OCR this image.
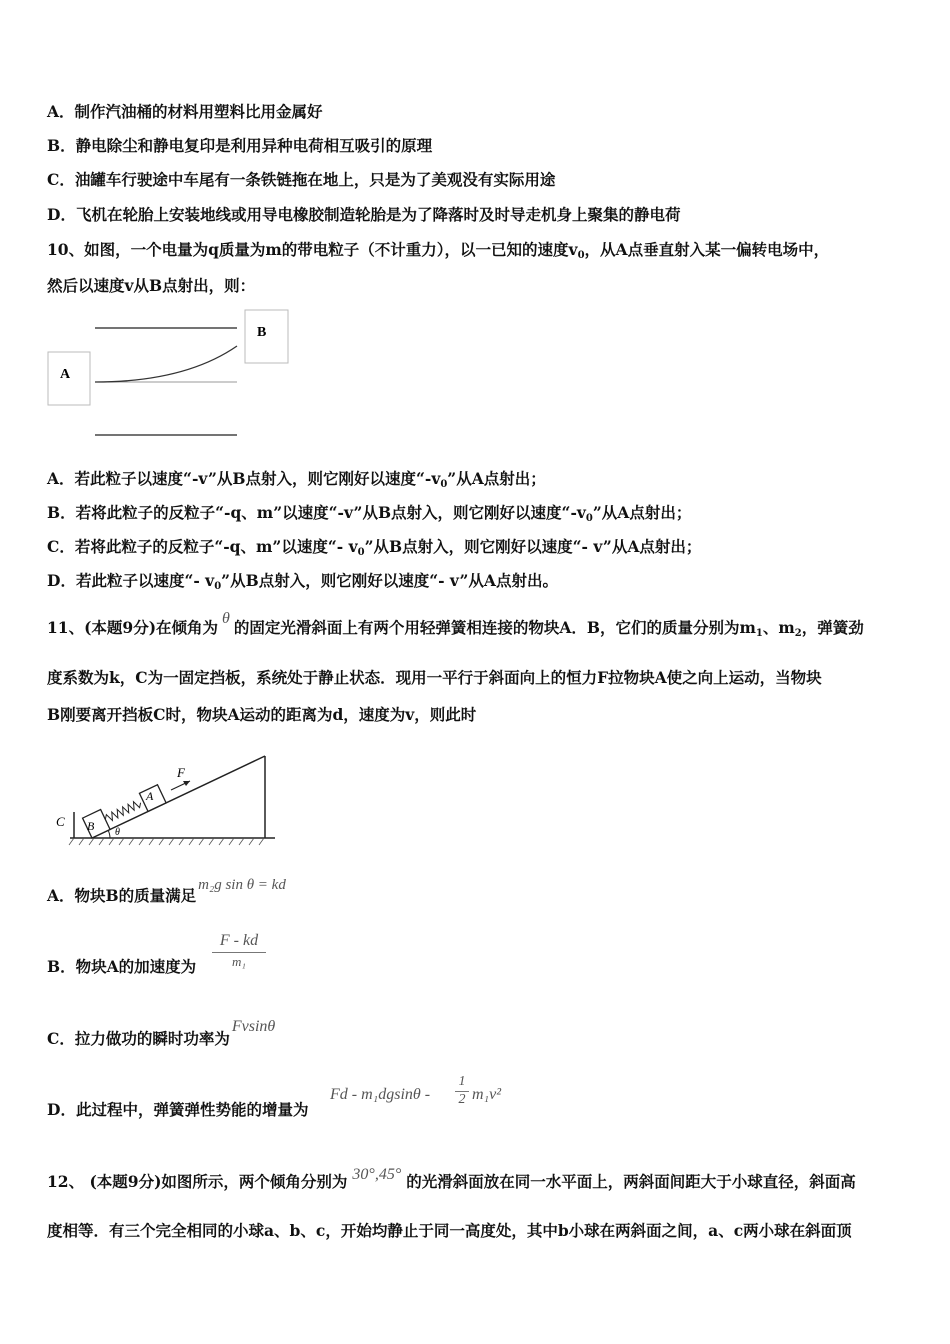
A．制作汽油桶的材料用塑料比用金属好
B．静电除尘和静电复印是利用异种电荷相互吸引的原理
C．油罐车行驶途中车尾有一条铁链拖在地上，只是为了美观没有实际用途
D．飞机在轮胎上安装地线或用导电橡胶制造轮胎是为了降落时及时导走机身上聚集的静电荷
10、如图，一个电量为q质量为m的带电粒子（不计重力），以一已知的速度$v_0$，从A点垂直射入某一偏转电场中，
然后以速度v从B点射出，则：
A
B
A．若此粒子以速度“-v”从B点射入，则它刚好以速度“$-v_0$”从A点射出；
B．若将此粒子的反粒子“-q、m”以速度“-v”从B点射入，则它刚好以速度“$-v_0$”从A点射出；
C．若将此粒子的反粒子“-q、m”以速度“- $v_0$”从B点射入，则它刚好以速度“- v”从A点射出；
D．若此粒子以速度“- $v_0$”从B点射入，则它刚好以速度“- v”从A点射出。
11、(本题9分)在倾角为 θ 的固定光滑斜面上有两个用轻弹簧相连接的物块A．B，它们的质量分别为$m_1$、$m_2$，弹簧劲
度系数为k，C为一固定挡板，系统处于静止状态．现用一平行于斜面向上的恒力F拉物块A使之向上运动，当物块
B刚要离开挡板C时，物块A运动的距离为d，速度为v，则此时
C B
A
F
θ
A．物块B的质量满足m₂g sin θ = kd
B．物块A的加速度为
F - kd
m₁
C．拉力做功的瞬时功率为Fvsinθ
D．此过程中，弹簧弹性势能的增量为
Fd - m₁dgsinθ -
1
2 m₁v²
12、 (本题9分)如图所示，两个倾角分别为 30°,45° 的光滑斜面放在同一水平面上，两斜面间距大于小球直径，斜面高
度相等．有三个完全相同的小球a、b、c，开始均静止于同一高度处，其中b小球在两斜面之间，a、c两小球在斜面顶
